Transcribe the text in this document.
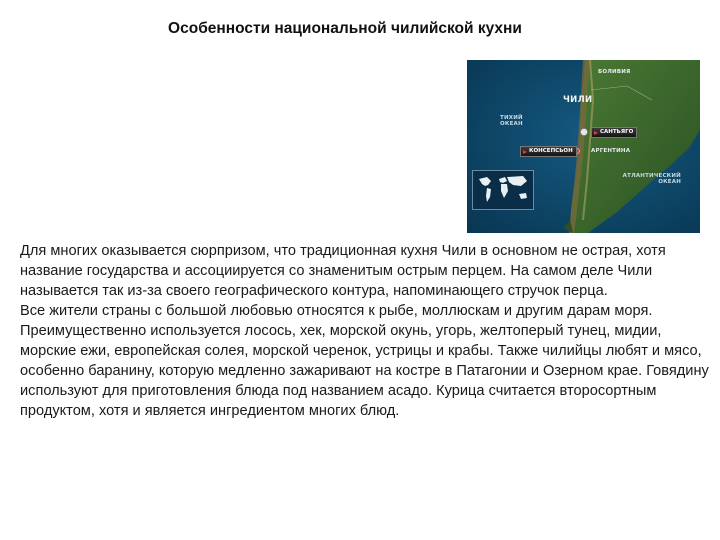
Особенности национальной чилийской кухни
БОЛИВИЯ
ЧИЛИ
ТИХИЙ ОКЕАН
АРГЕНТИНА
АТЛАНТИЧЕСКИЙ ОКЕАН
САНТЬЯГО
КОНСЕПСЬОН

Для многих оказывается сюрпризом, что традиционная кухня Чили в основном не острая, хотя название государства и ассоциируется со знаменитым острым перцем. На самом деле Чили называется так из-за своего географического контура, напоминающего стручок перца.

Все жители страны с большой любовью относятся к рыбе, моллюскам и другим дарам моря. Преимущественно используется лосось, хек, морской окунь, угорь, желтоперый тунец, мидии, морские ежи, европейская солея, морской черенок, устрицы и крабы. Также чилийцы любят и мясо, особенно баранину, которую медленно зажаривают на костре в Патагонии и Озерном крае. Говядину используют для приготовления блюда под названием асадо. Курица считается второсортным продуктом, хотя и является ингредиентом многих блюд.
